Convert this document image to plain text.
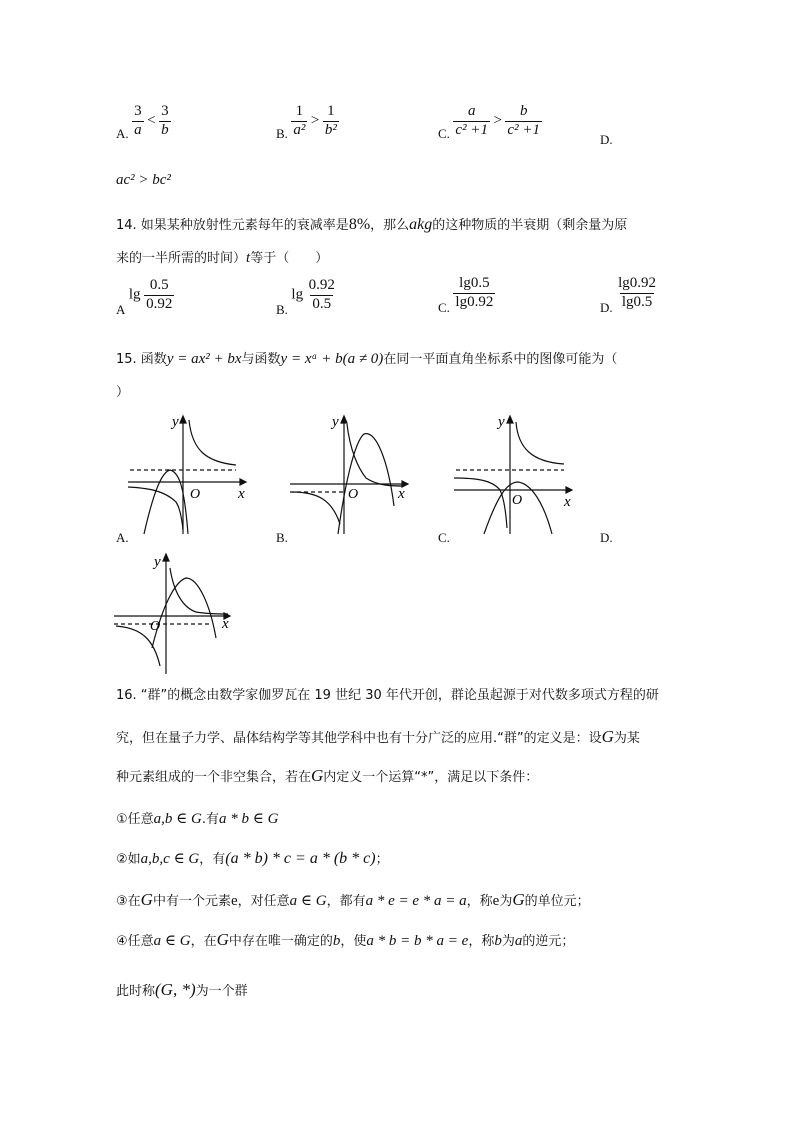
A. $\frac{3}{a} < \frac{3}{b}$	B. $\frac{1}{\text{a²}} > \frac{1}{\text{b²}}$	C. $\frac{a}{\text{c² +1}} > \frac{b}{\text{c² +1}}$
D.
ac² > bc²
14. 如果某种放射性元素每年的衰减率是8%，那么akg的这种物质的半衰期（剩余量为原
来的一半所需的时间）t等于（　　）
A $\lg \frac{0.5}{0.92}$	B. $\lg \frac{0.92}{0.5}$	C. $\frac{\lg 0.5}{\lg 0.92}$	D. $\frac{\lg 0.92}{\lg 0.5}$
15. 函数y = ax² + bx与函数y = xᵃ + b(a ≠ 0)在同一平面直角坐标系中的图像可能为（
）
y
x
O
A.
y
x
O
B.
y
x
O
C.	D.
y
x
O
16. “群”的概念由数学家伽罗瓦在 19 世纪 30 年代开创，群论虽起源于对代数多项式方程的研
究，但在量子力学、晶体结构学等其他学科中也有十分广泛的应用.“群”的定义是：设G为某
种元素组成的一个非空集合，若在G内定义一个运算“*”，满足以下条件：
①任意a,b ∈ G.有a * b ∈ G
②如a,b,c ∈ G，有(a * b) * c = a * (b * c)；
③在G中有一个元素e，对任意a ∈ G，都有a * e = e * a = a，称e为G的单位元；
④任意a ∈ G，在G中存在唯一确定的b，使a * b = b * a = e，称b为a的逆元；
此时称(G, *)为一个群
